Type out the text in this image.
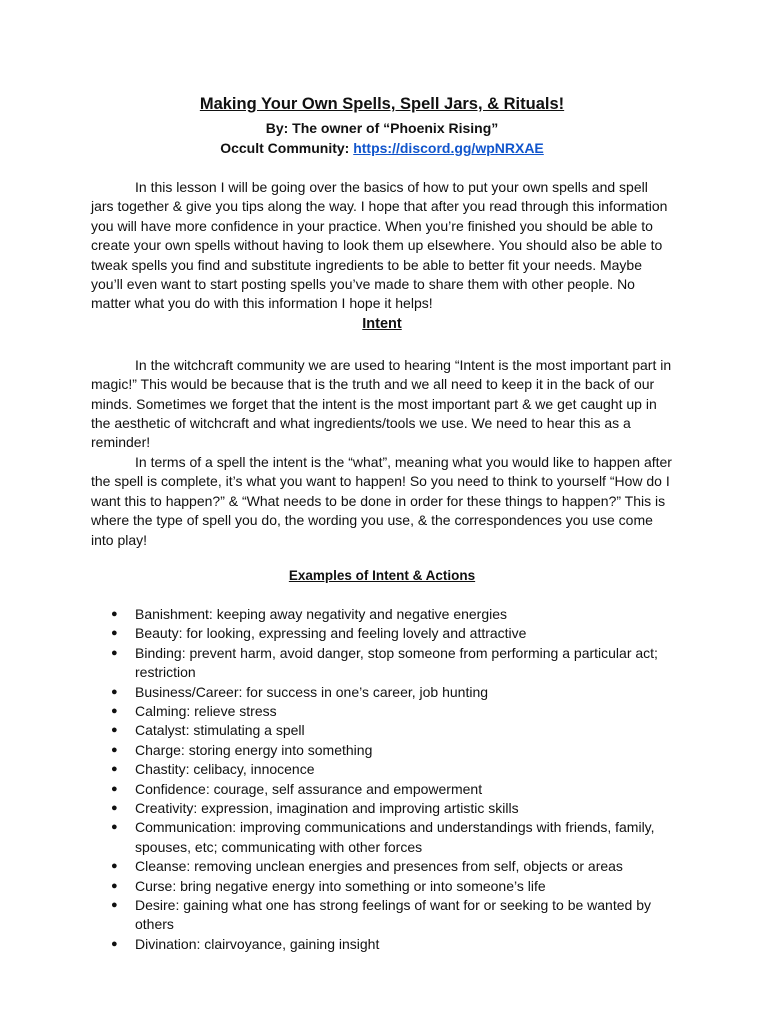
Making Your Own Spells, Spell Jars, & Rituals!

By: The owner of “Phoenix Rising”

Occult Community: https://discord.gg/wpNRXAE

In this lesson I will be going over the basics of how to put your own spells and spell jars together & give you tips along the way. I hope that after you read through this information you will have more confidence in your practice. When you’re finished you should be able to create your own spells without having to look them up elsewhere. You should also be able to tweak spells you find and substitute ingredients to be able to better fit your needs. Maybe you’ll even want to start posting spells you’ve made to share them with other people. No matter what you do with this information I hope it helps!

Intent

In the witchcraft community we are used to hearing “Intent is the most important part in magic!” This would be because that is the truth and we all need to keep it in the back of our minds. Sometimes we forget that the intent is the most important part & we get caught up in the aesthetic of witchcraft and what ingredients/tools we use. We need to hear this as a reminder!

In terms of a spell the intent is the “what”, meaning what you would like to happen after the spell is complete, it’s what you want to happen! So you need to think to yourself “How do I want this to happen?” & “What needs to be done in order for these things to happen?” This is where the type of spell you do, the wording you use, & the correspondences you use come into play!

Examples of Intent & Actions
● Banishment: keeping away negativity and negative energies
● Beauty: for looking, expressing and feeling lovely and attractive
● Binding: prevent harm, avoid danger, stop someone from performing a particular act; restriction
● Business/Career: for success in one’s career, job hunting
● Calming: relieve stress
● Catalyst: stimulating a spell
● Charge: storing energy into something
● Chastity: celibacy, innocence
● Confidence: courage, self assurance and empowerment
● Creativity: expression, imagination and improving artistic skills
● Communication: improving communications and understandings with friends, family, spouses, etc; communicating with other forces
● Cleanse: removing unclean energies and presences from self, objects or areas
● Curse: bring negative energy into something or into someone’s life
● Desire: gaining what one has strong feelings of want for or seeking to be wanted by others
● Divination: clairvoyance, gaining insight
